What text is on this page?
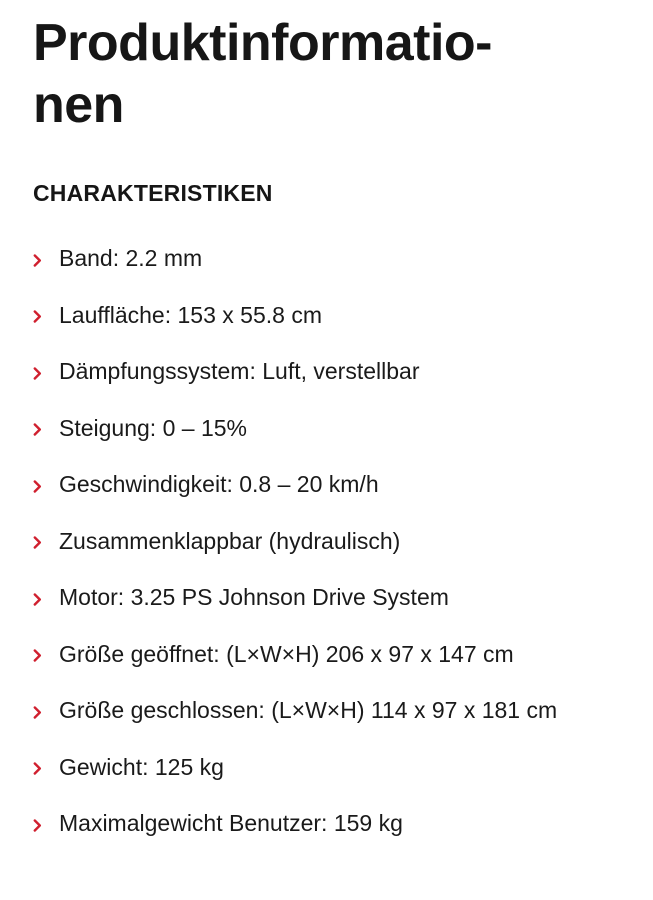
Produktinformatio-
nen
CHARAKTERISTIKEN
Band: 2.2 mm
Lauffläche: 153 x 55.8 cm
Dämpfungssystem: Luft, verstellbar
Steigung: 0 – 15%
Geschwindigkeit: 0.8 – 20 km/h
Zusammenklappbar (hydraulisch)
Motor: 3.25 PS Johnson Drive System
Größe geöffnet: (L×W×H) 206 x 97 x 147 cm
Größe geschlossen: (L×W×H) 114 x 97 x 181 cm
Gewicht: 125 kg
Maximalgewicht Benutzer: 159 kg
